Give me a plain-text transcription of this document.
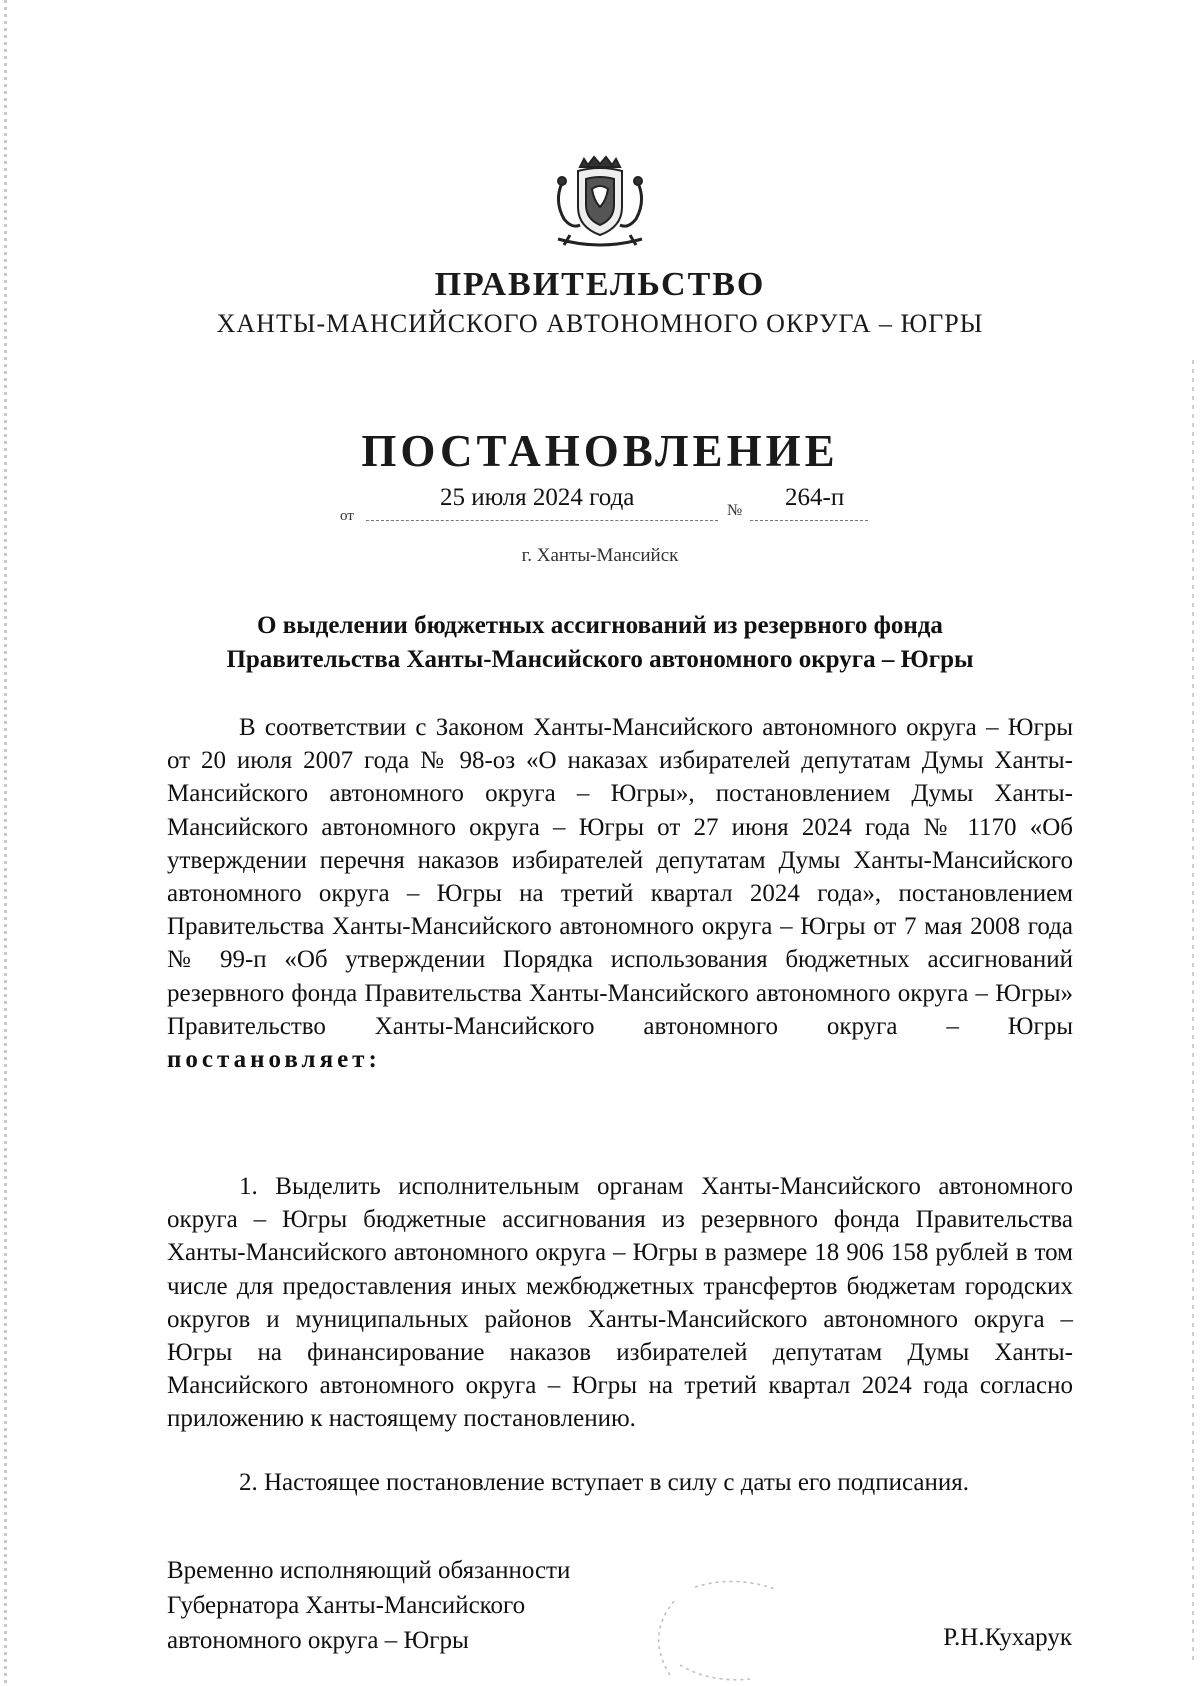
ПРАВИТЕЛЬСТВО
ХАНТЫ-МАНСИЙСКОГО АВТОНОМНОГО ОКРУГА – ЮГРЫ
ПОСТАНОВЛЕНИЕ
от
25 июля 2024 года	№ 264-п
г. Ханты-Мансийск
О выделении бюджетных ассигнований из резервного фонда
Правительства Ханты-Мансийского автономного округа – Югры

В соответствии с Законом Ханты-Мансийского автономного округа – Югры от 20 июля 2007 года № 98-оз «О наказах избирателей депутатам Думы Ханты-Мансийского автономного округа – Югры», постановлением Думы Ханты-Мансийского автономного округа – Югры от 27 июня 2024 года № 1170 «Об утверждении перечня наказов избирателей депутатам Думы Ханты-Мансийского автономного округа – Югры на третий квартал 2024 года», постановлением Правительства Ханты-Мансийского автономного округа – Югры от 7 мая 2008 года № 99-п «Об утверждении Порядка использования бюджетных ассигнований резервного фонда Правительства Ханты-Мансийского автономного округа – Югры» Правительство Ханты-Мансийского автономного округа – Югры постановляет:

1. Выделить исполнительным органам Ханты-Мансийского автономного округа – Югры бюджетные ассигнования из резервного фонда Правительства Ханты-Мансийского автономного округа – Югры в размере 18 906 158 рублей в том числе для предоставления иных межбюджетных трансфертов бюджетам городских округов и муниципальных районов Ханты-Мансийского автономного округа – Югры на финансирование наказов избирателей депутатам Думы Ханты-Мансийского автономного округа – Югры на третий квартал 2024 года согласно приложению к настоящему постановлению.

2. Настоящее постановление вступает в силу с даты его подписания.

Временно исполняющий обязанности
Губернатора Ханты-Мансийского
автономного округа – Югры	Р.Н.Кухарук
